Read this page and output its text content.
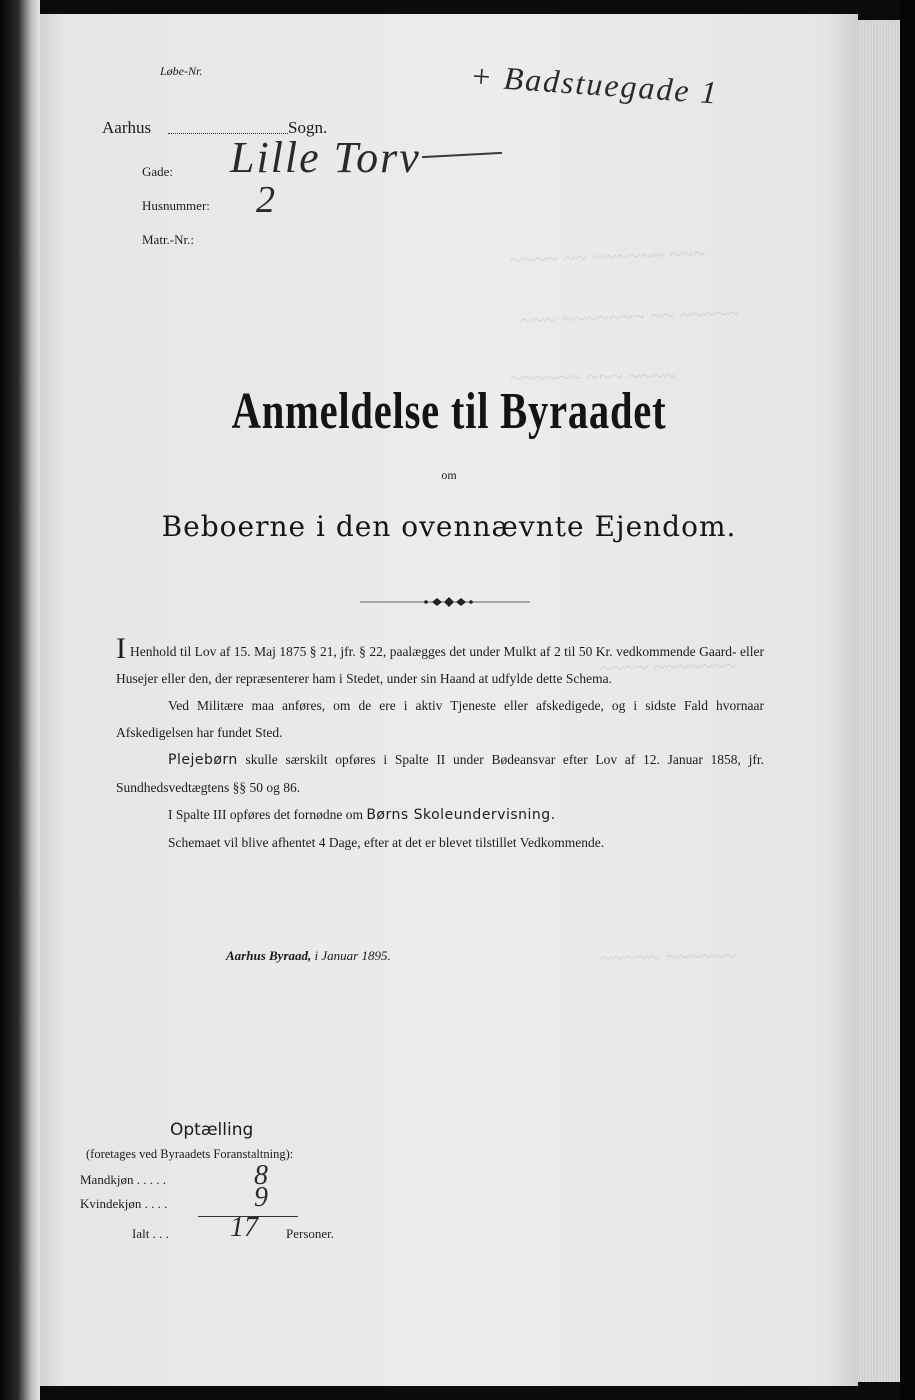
~~~~ ~~ ~~~~~~ ~~~
~~~ ~~~~~~~ ~~ ~~~~~
~~~~~~ ~~~ ~~~~
~~~~ ~~~~~~~
~~~~~ ~~~~~~
Løbe-Nr.	+ Badstuegade 1
Aarhus	Sogn.
Gade: Lille Torv
Husnummer: 2
Matr.-Nr.:
Anmeldelse til Byraadet
om
Beboerne i den ovennævnte Ejendom.

I Henhold til Lov af 15. Maj 1875 § 21, jfr. § 22, paalægges det under Mulkt af 2 til 50 Kr. vedkommende Gaard- eller Husejer eller den, der repræsenterer ham i Stedet, under sin Haand at udfylde dette Schema.

Ved Militære maa anføres, om de ere i aktiv Tjeneste eller afskedigede, og i sidste Fald hvornaar Afskedigelsen har fundet Sted.

Plejebørn skulle særskilt opføres i Spalte II under Bødeansvar efter Lov af 12. Januar 1858, jfr. Sundhedsvedtægtens §§ 50 og 86.

I Spalte III opføres det fornødne om Børns Skoleundervisning.

Schemaet vil blive afhentet 4 Dage, efter at det er blevet tilstillet Vedkommende.

Aarhus Byraad, i Januar 1895.
Optælling
(foretages ved Byraadets Foranstaltning):
Mandkjøn . . . . .	8
Kvindekjøn . . . .	9
Ialt . . . 17 Personer.
